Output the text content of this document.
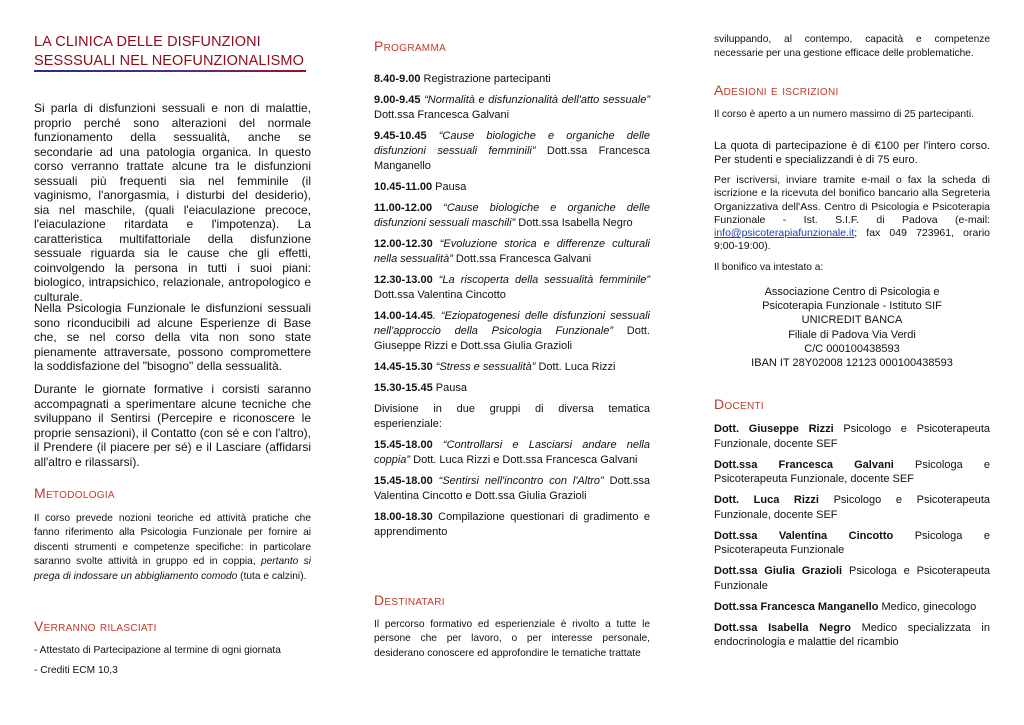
LA CLINICA DELLE DISFUNZIONI
SESSSUALI NEL NEOFUNZIONALISMO
Si parla di disfunzioni sessuali e non di malattie, proprio perché sono alterazioni del normale funzionamento della sessualità, anche se secondarie ad una patologia organica. In questo corso verranno trattate alcune tra le disfunzioni sessuali più frequenti sia nel femminile (il vaginismo, l'anorgasmia, i disturbi del desiderio), sia nel maschile, (quali l'eiaculazione precoce, l'eiaculazione ritardata e l'impotenza). La caratteristica multifattoriale della disfunzione sessuale riguarda sia le cause che gli effetti, coinvolgendo la persona in tutti i suoi piani: biologico, intrapsichico, relazionale, antropologico e culturale.
Nella Psicologia Funzionale le disfunzioni sessuali sono riconducibili ad alcune Esperienze di Base che, se nel corso della vita non sono state pienamente attraversate, possono compromettere la soddisfazione del "bisogno" della sessualità.
Durante le giornate formative i corsisti saranno accompagnati a sperimentare alcune tecniche che sviluppano il Sentirsi (Percepire e riconoscere le proprie sensazioni), il Contatto (con sé e con l'altro), il Prendere (il piacere per sé) e il Lasciare (affidarsi all'altro e rilassarsi).
Metodologia
Il corso prevede nozioni teoriche ed attività pratiche che fanno riferimento alla Psicologia Funzionale per fornire ai discenti strumenti e competenze specifiche: in particolare saranno svolte attività in gruppo ed in coppia, pertanto si prega di indossare un abbigliamento comodo (tuta e calzini).
Verranno rilasciati
- Attestato di Partecipazione al termine di ogni giornata
- Crediti ECM 10,3
Programma

8.40-9.00 Registrazione partecipanti

9.00-9.45 “Normalità e disfunzionalità dell'atto sessuale” Dott.ssa Francesca Galvani

9.45-10.45 “Cause biologiche e organiche delle disfunzioni sessuali femminili” Dott.ssa Francesca Manganello

10.45-11.00 Pausa

11.00-12.00 “Cause biologiche e organiche delle disfunzioni sessuali maschili” Dott.ssa Isabella Negro

12.00-12.30 “Evoluzione storica e differenze culturali nella sessualità” Dott.ssa Francesca Galvani

12.30-13.00 “La riscoperta della sessualità femminile” Dott.ssa Valentina Cincotto

14.00-14.45. “Eziopatogenesi delle disfunzioni sessuali nell'approccio della Psicologia Funzionale” Dott. Giuseppe Rizzi e Dott.ssa Giulia Grazioli

14.45-15.30 “Stress e sessualità” Dott. Luca Rizzi

15.30-15.45 Pausa

Divisione in due gruppi di diversa tematica esperienziale:

15.45-18.00 “Controllarsi e Lasciarsi andare nella coppia” Dott. Luca Rizzi e Dott.ssa Francesca Galvani

15.45-18.00 “Sentirsi nell'incontro con l'Altro” Dott.ssa Valentina Cincotto e Dott.ssa Giulia Grazioli

18.00-18.30 Compilazione questionari di gradimento e apprendimento

Destinatari
Il percorso formativo ed esperienziale è rivolto a tutte le persone che per lavoro, o per interesse personale, desiderano conoscere ed approfondire le tematiche trattate
sviluppando, al contempo, capacità e competenze necessarie per una gestione efficace delle problematiche.
Adesioni e iscrizioni
Il corso è aperto a un numero massimo di 25 partecipanti.
La quota di partecipazione è di €100 per l'intero corso. Per studenti e specializzandi è di 75 euro.
Per iscriversi, inviare tramite e-mail o fax la scheda di iscrizione e la ricevuta del bonifico bancario alla Segreteria Organizzativa dell'Ass. Centro di Psicologia e Psicoterapia Funzionale - Ist. S.I.F. di Padova (e-mail: info@psicoterapiafunzionale.it; fax 049 723961, orario 9:00-19:00).
Il bonifico va intestato a:
Associazione Centro di Psicologia e
Psicoterapia Funzionale - Istituto SIF
UNICREDIT BANCA
Filiale di Padova Via Verdi
C/C 000100438593
IBAN IT 28Y02008 12123 000100438593
Docenti

Dott. Giuseppe Rizzi Psicologo e Psicoterapeuta Funzionale, docente SEF

Dott.ssa Francesca Galvani Psicologa e Psicoterapeuta Funzionale, docente SEF

Dott. Luca Rizzi Psicologo e Psicoterapeuta Funzionale, docente SEF

Dott.ssa Valentina Cincotto Psicologa e Psicoterapeuta Funzionale

Dott.ssa Giulia Grazioli Psicologa e Psicoterapeuta Funzionale

Dott.ssa Francesca Manganello Medico, ginecologo

Dott.ssa Isabella Negro Medico specializzata in endocrinologia e malattie del ricambio
